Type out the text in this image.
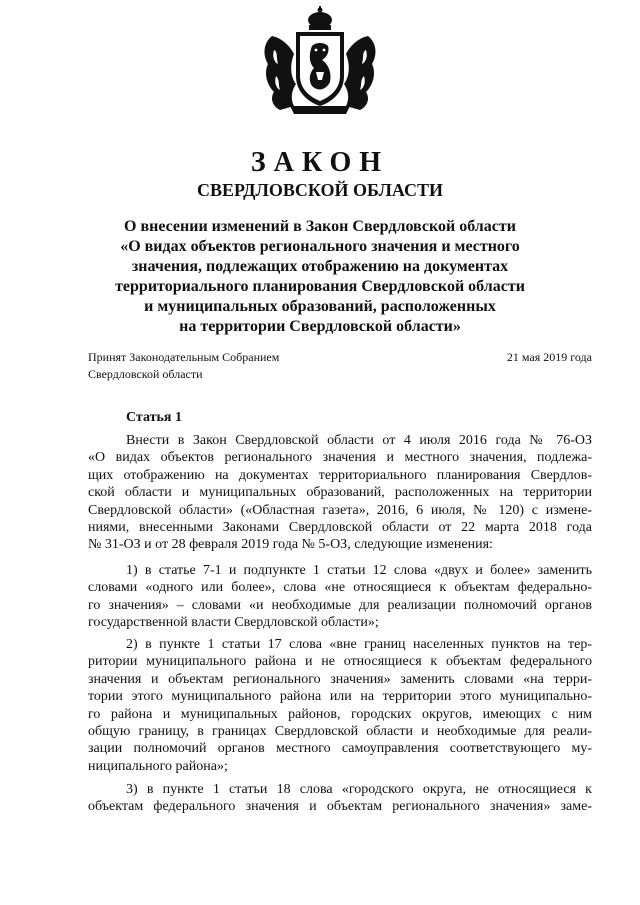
ЗАКОН
СВЕРДЛОВСКОЙ ОБЛАСТИ
О внесении изменений в Закон Свердловской области
«О видах объектов регионального значения и местного
значения, подлежащих отображению на документах
территориального планирования Свердловской области
и муниципальных образований, расположенных
на территории Свердловской области»
Принят Законодательным Собранием
Свердловской области
21 мая 2019 года
Статья 1
Внести в Закон Свердловской области от 4 июля 2016 года № 76-ОЗ
«О видах объектов регионального значения и местного значения, подлежа-
щих отображению на документах территориального планирования Свердлов-
ской области и муниципальных образований, расположенных на территории
Свердловской области» («Областная газета», 2016, 6 июля, № 120) с измене-
ниями, внесенными Законами Свердловской области от 22 марта 2018 года
№ 31-ОЗ и от 28 февраля 2019 года № 5-ОЗ, следующие изменения:
1) в статье 7-1 и подпункте 1 статьи 12 слова «двух и более» заменить
словами «одного или более», слова «не относящиеся к объектам федерально-
го значения» – словами «и необходимые для реализации полномочий органов
государственной власти Свердловской области»;
2) в пункте 1 статьи 17 слова «вне границ населенных пунктов на тер-
ритории муниципального района и не относящиеся к объектам федерального
значения и объектам регионального значения» заменить словами «на терри-
тории этого муниципального района или на территории этого муниципально-
го района и муниципальных районов, городских округов, имеющих с ним
общую границу, в границах Свердловской области и необходимые для реали-
зации полномочий органов местного самоуправления соответствующего му-
ниципального района»;
3) в пункте 1 статьи 18 слова «городского округа, не относящиеся к
объектам федерального значения и объектам регионального значения» заме-
